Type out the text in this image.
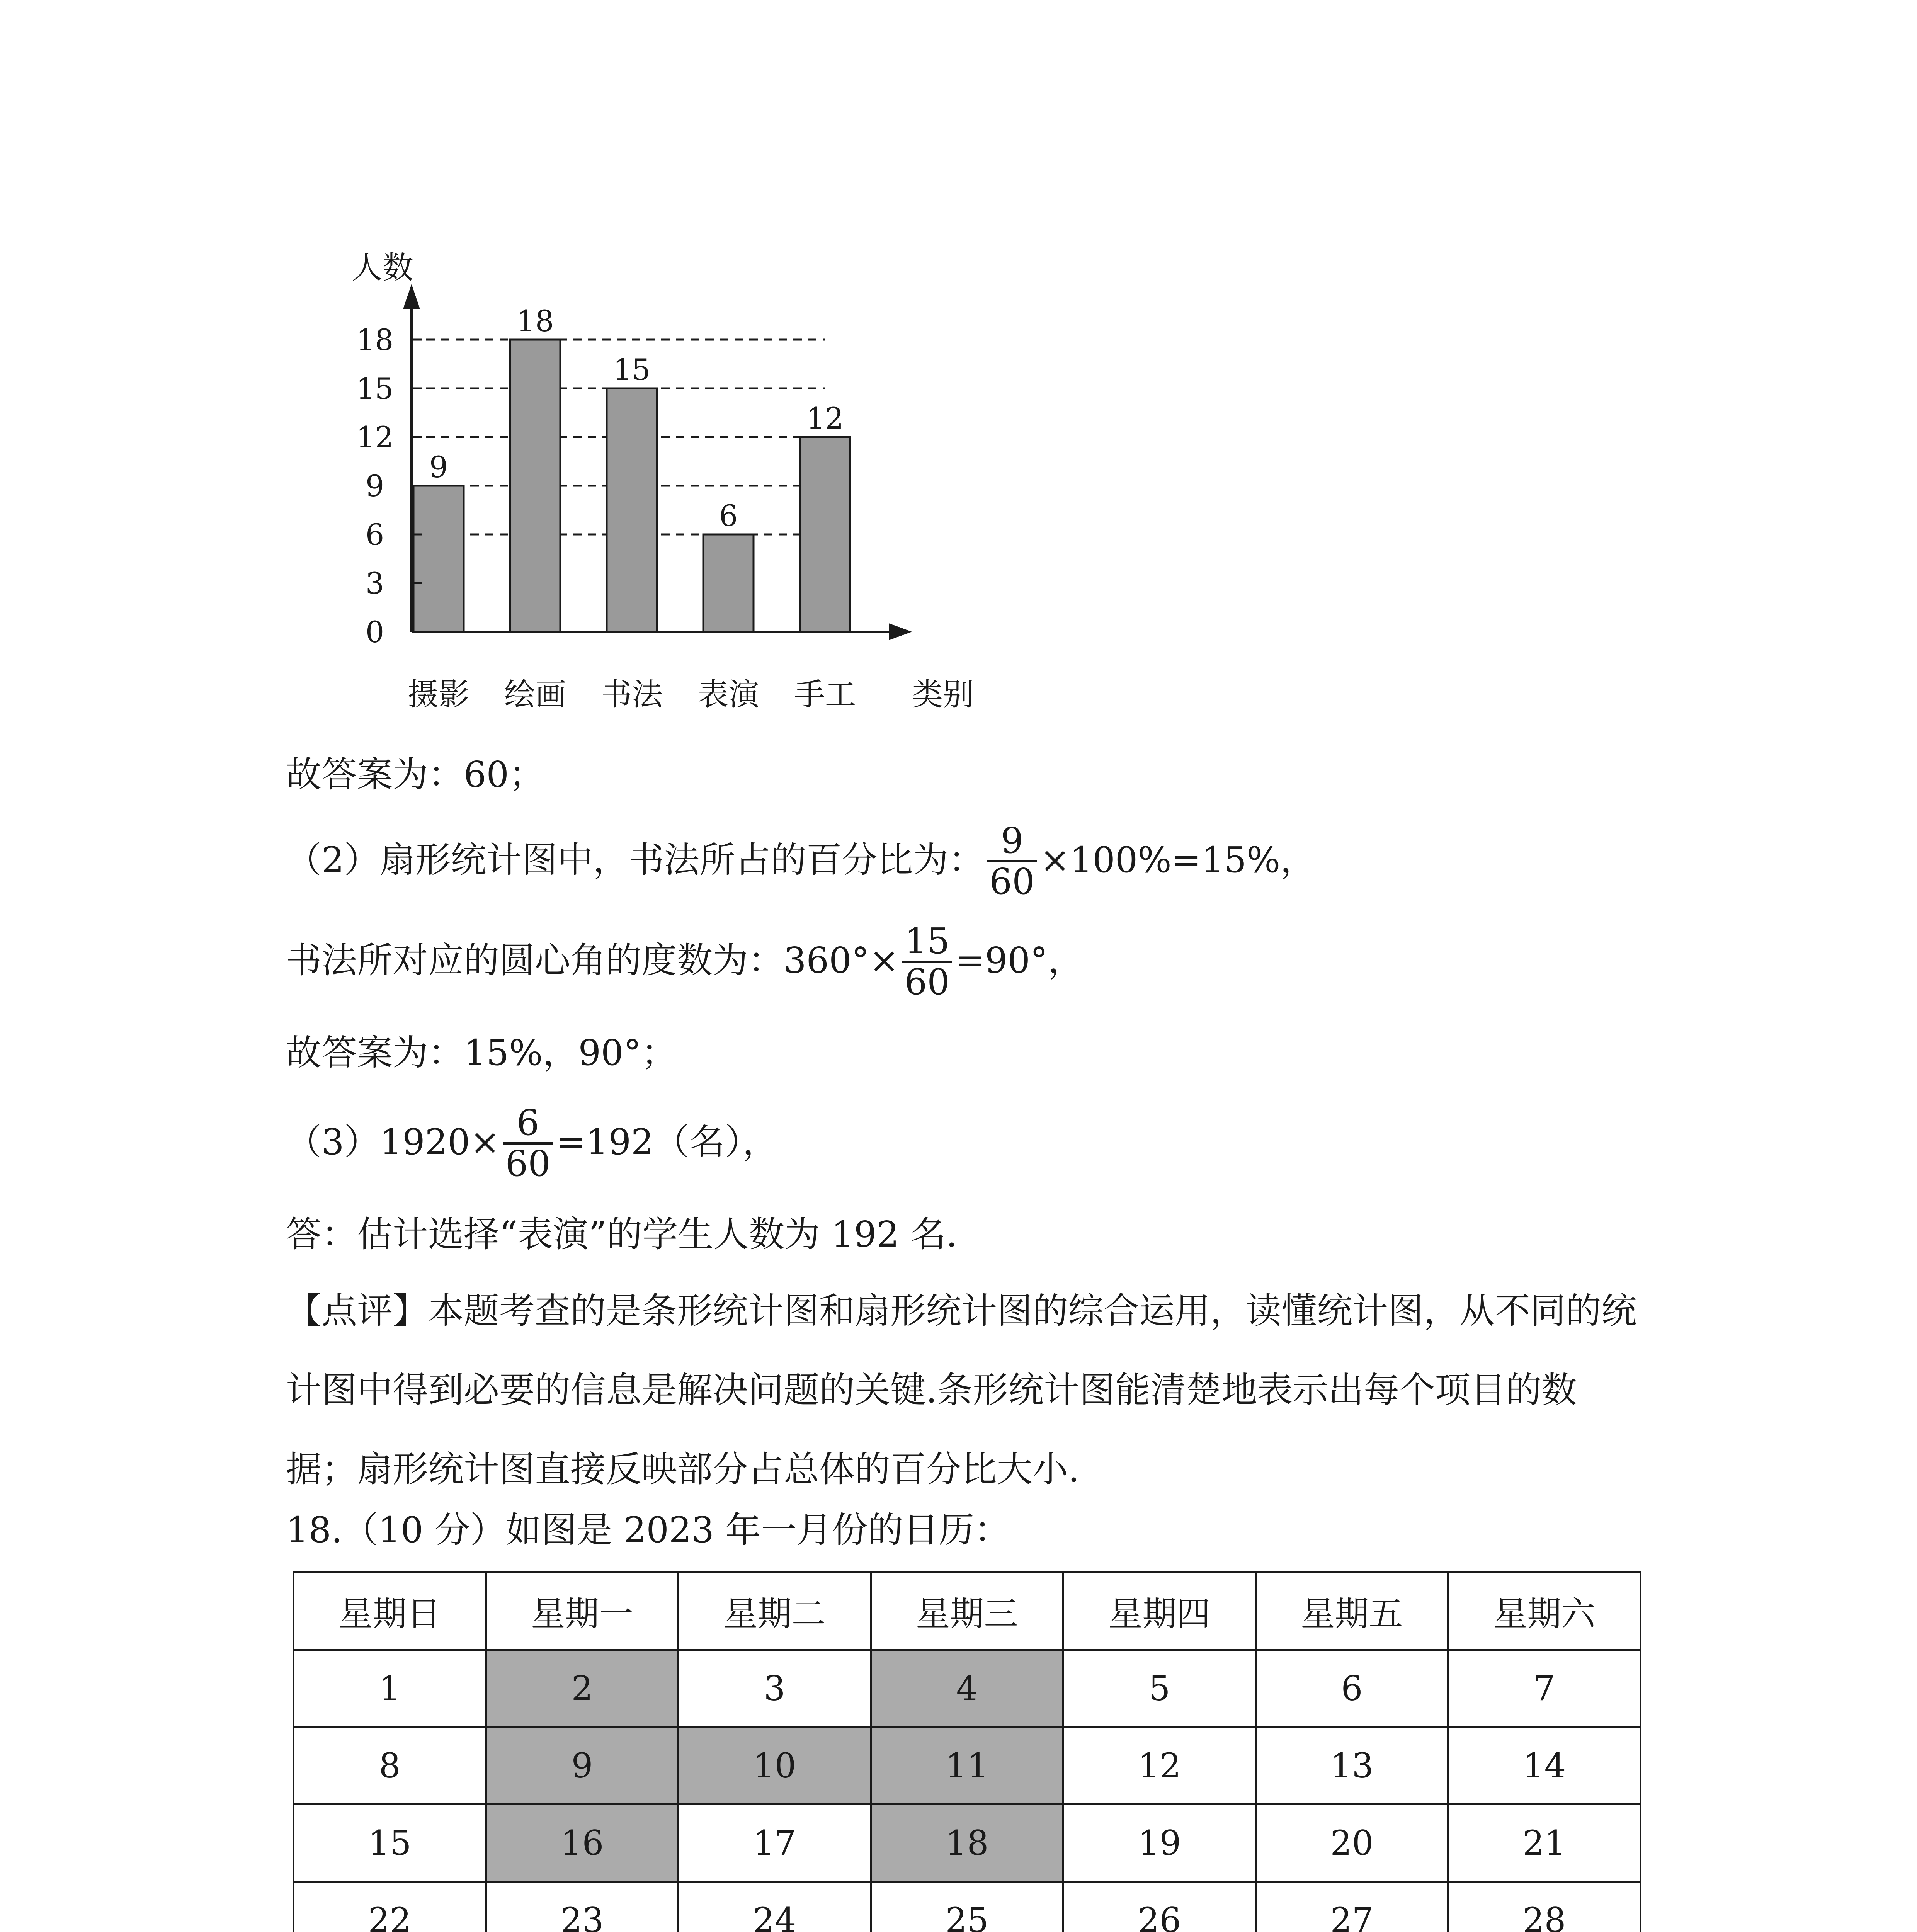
9
摄影
18
绘画
15
书法
6
表演
12
手工
0
3
6
9
12
15
18
人数
类别
故答案为：60；
（2）扇形统计图中，书法所占的百分比为： $\frac{9}{60} \times 100\%=15\%$，
书法所对应的圆心角的度数为：$360^\circ\times \frac{15}{60} =90^\circ$，
故答案为：15%，90°；
$(3)1920\times \frac{6}{60} =192$（名），
答：估计选择“表演”的学生人数为 192 名.
【点评】本题考查的是条形统计图和扇形统计图的综合运用，读懂统计图，从不同的统计图中得到必要的信息是解决问题的关键.条形统计图能清楚地表示出每个项目的数据；扇形统计图直接反映部分占总体的百分比大小.
18.（10 分）如图是 2023 年一月份的日历：
星期日	星期一	星期二	星期三	星期四	星期五	星期六
1	2	3	4	5	6	7
8	9	10	11	12	13	14
15	16	17	18	19	20	21
22	23	24	25	26	27	28
